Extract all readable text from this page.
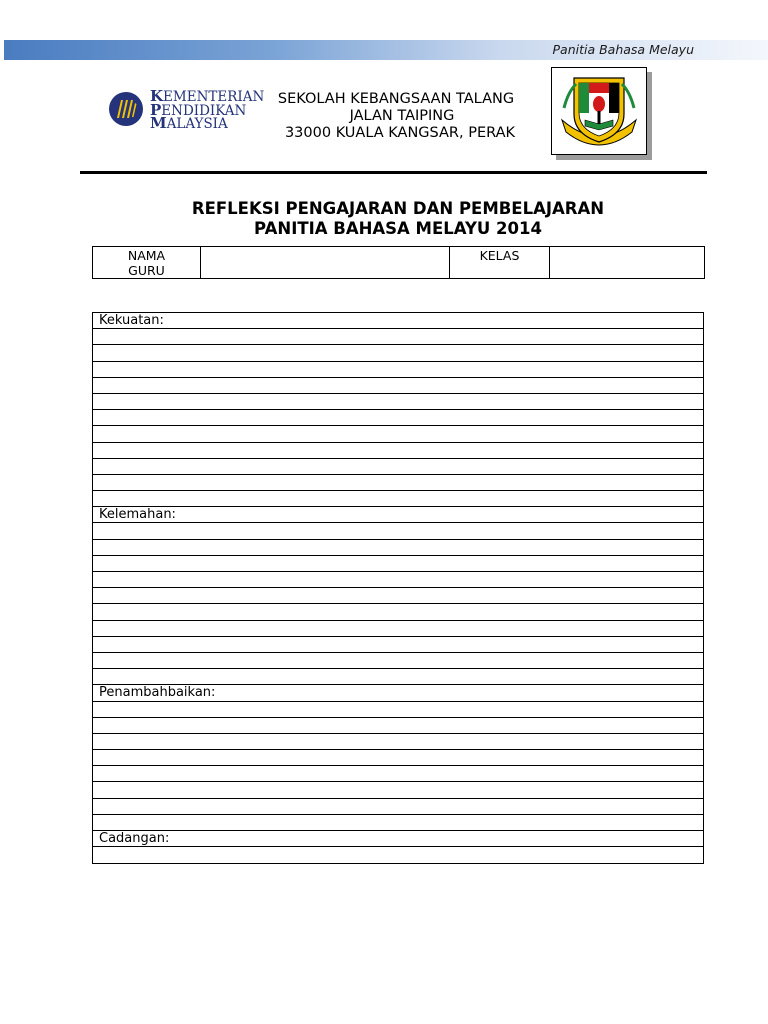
Panitia Bahasa Melayu
KEMENTERIAN
PENDIDIKAN
MALAYSIA
SEKOLAH KEBANGSAAN TALANG
JALAN TAIPING
33000 KUALA KANGSAR, PERAK
REFLEKSI PENGAJARAN DAN PEMBELAJARAN
PANITIA BAHASA MELAYU 2014
NAMA GURU		KELAS	
Kekuatan:
Kelemahan:
Penambahbaikan:
Cadangan:
